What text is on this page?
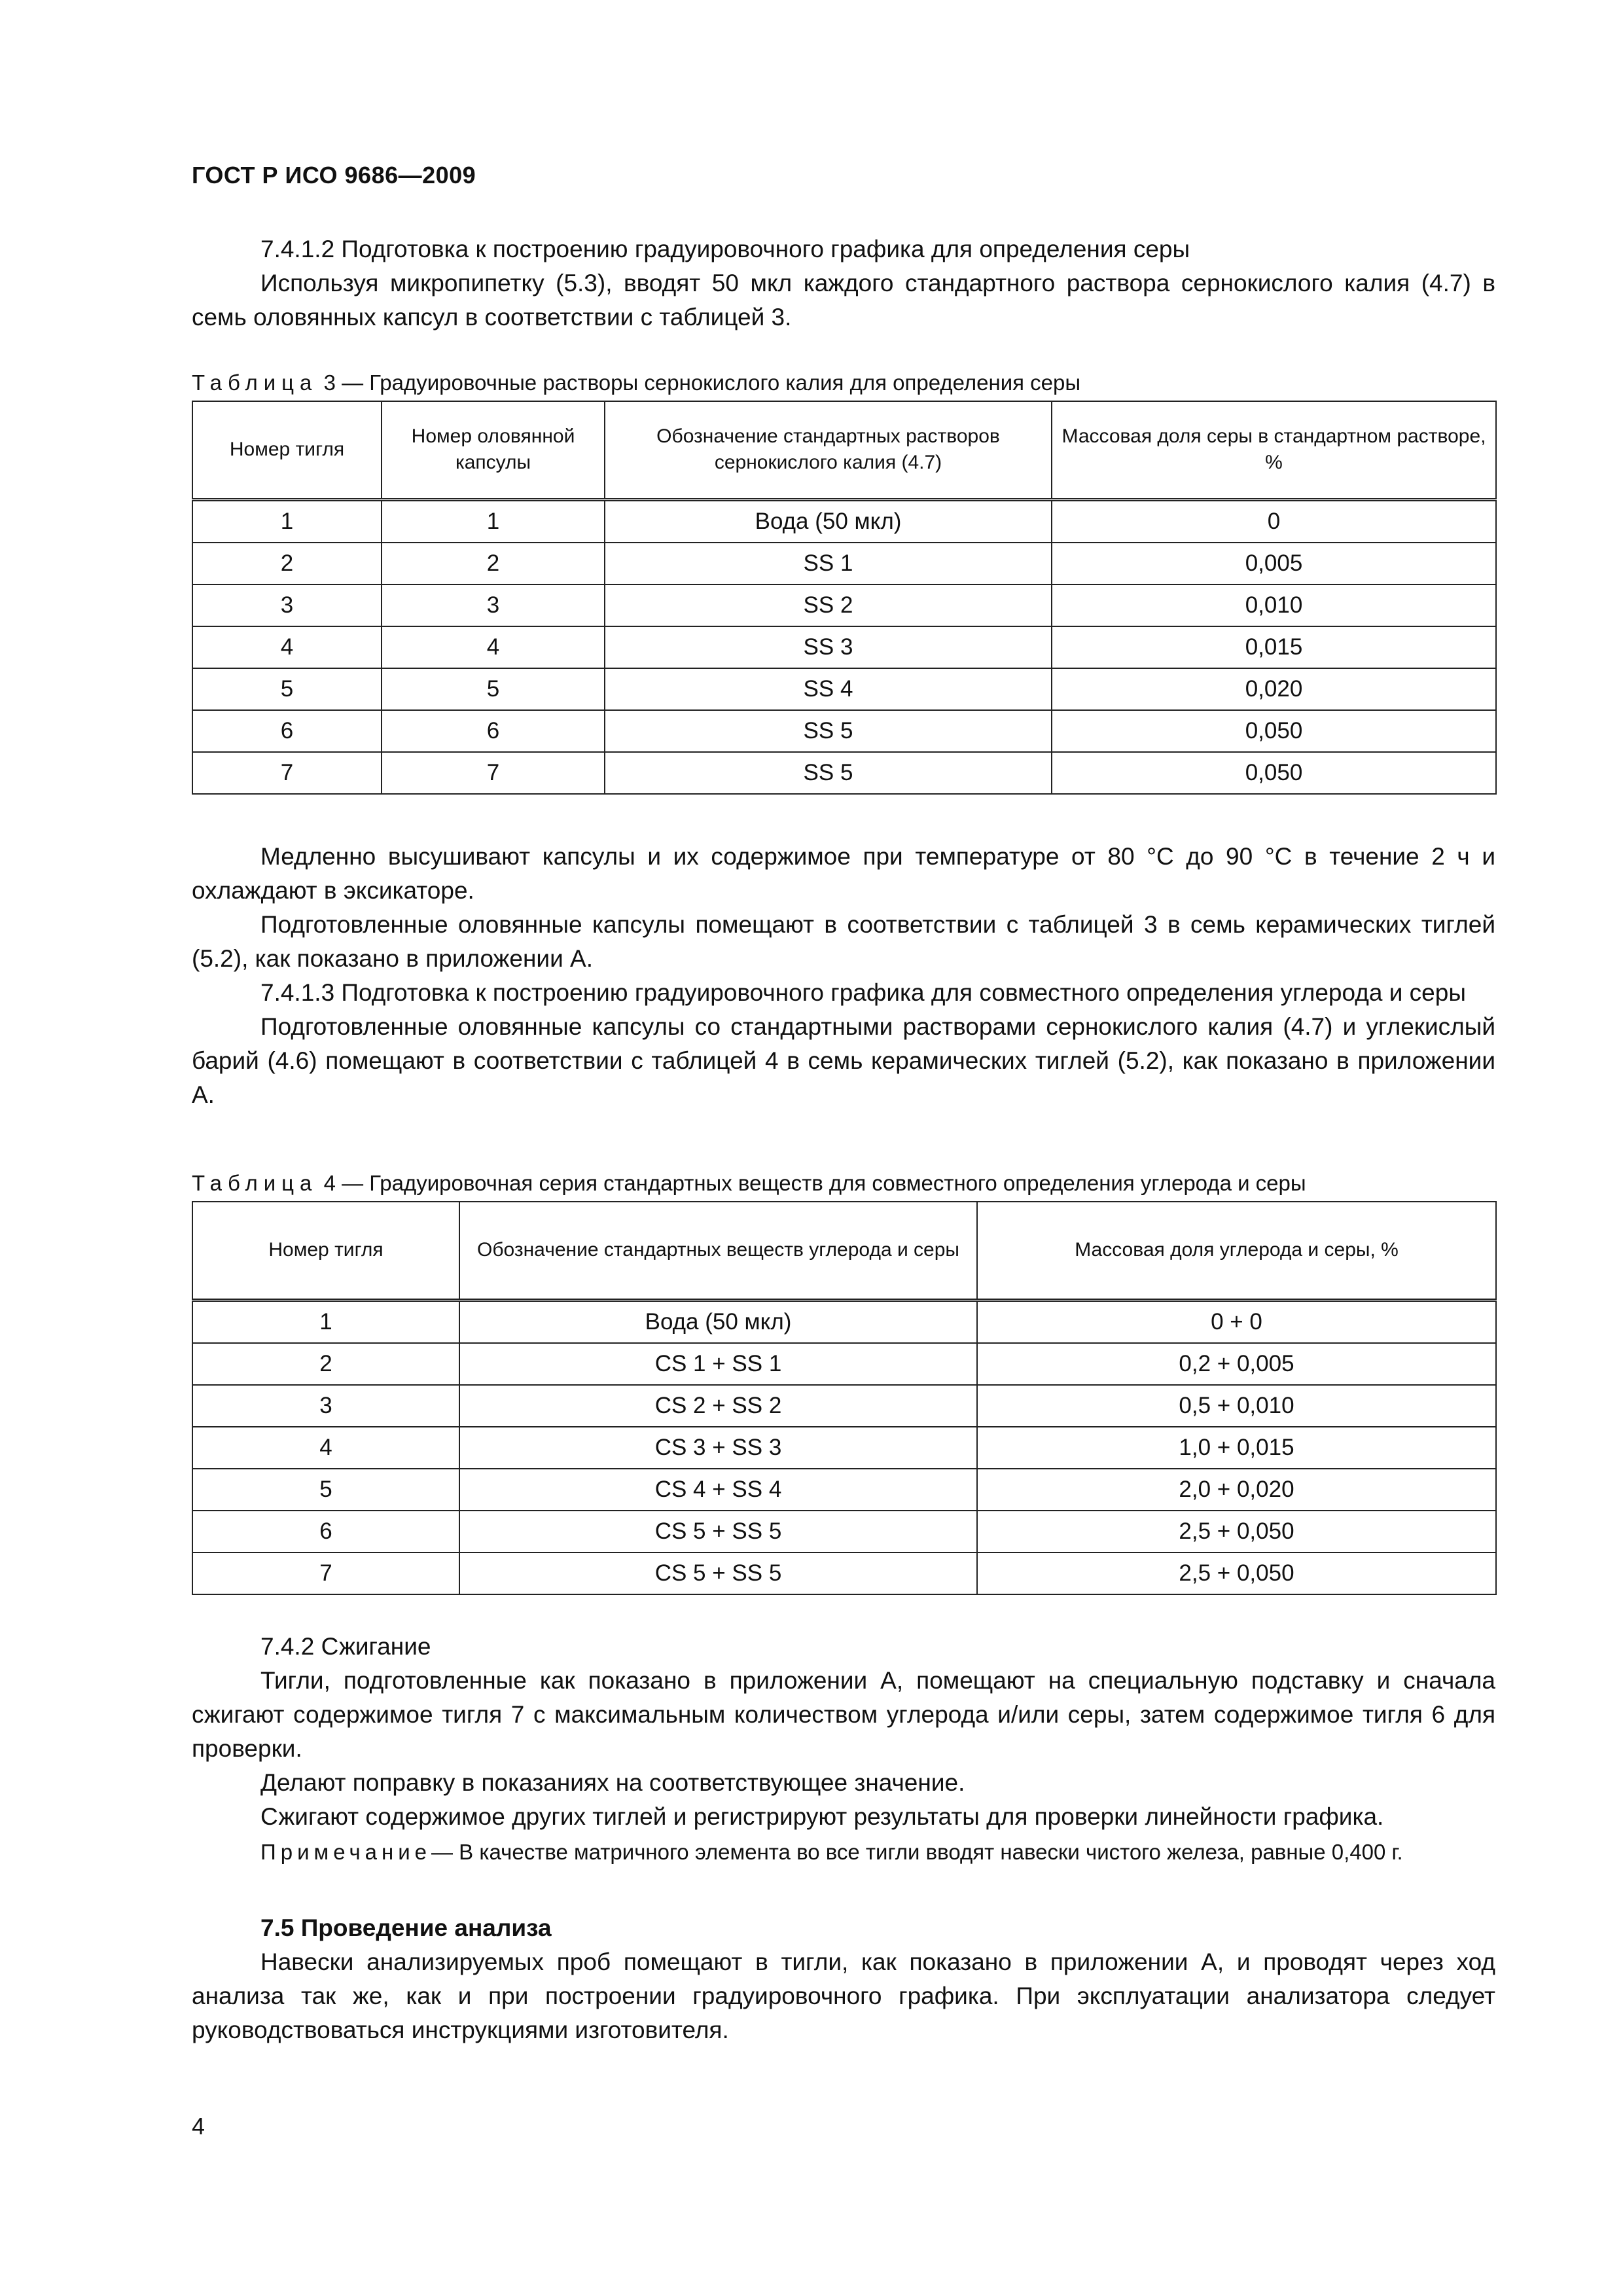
ГОСТ Р ИСО 9686—2009

7.4.1.2 Подготовка к построению градуировочного графика для определения серы

Используя микропипетку (5.3), вводят 50 мкл каждого стандартного раствора сернокислого калия (4.7) в семь оловянных капсул в соответствии с таблицей 3.

Таблица 3 — Градуировочные растворы сернокислого калия для определения серы
Номер тигля	Номер оловянной капсулы	Обозначение стандартных растворов сернокислого калия (4.7)	Массовая доля серы в стандартном растворе, %
1	1	Вода (50 мкл)	0
2	2	SS 1	0,005
3	3	SS 2	0,010
4	4	SS 3	0,015
5	5	SS 4	0,020
6	6	SS 5	0,050
7	7	SS 5	0,050

Медленно высушивают капсулы и их содержимое при температуре от 80 °С до 90 °С в течение 2 ч и охлаждают в эксикаторе.

Подготовленные оловянные капсулы помещают в соответствии с таблицей 3 в семь керамических тиглей (5.2), как показано в приложении А.

7.4.1.3 Подготовка к построению градуировочного графика для совместного определения углерода и серы

Подготовленные оловянные капсулы со стандартными растворами сернокислого калия (4.7) и углекислый барий (4.6) помещают в соответствии с таблицей 4 в семь керамических тиглей (5.2), как показано в приложении А.

Таблица 4 — Градуировочная серия стандартных веществ для совместного определения углерода и серы
Номер тигля	Обозначение стандартных веществ углерода и серы	Массовая доля углерода и серы, %
1	Вода (50 мкл)	0 + 0
2	CS 1 + SS 1	0,2 + 0,005
3	CS 2 + SS 2	0,5 + 0,010
4	CS 3 + SS 3	1,0 + 0,015
5	CS 4 + SS 4	2,0 + 0,020
6	CS 5 + SS 5	2,5 + 0,050
7	CS 5 + SS 5	2,5 + 0,050

7.4.2 Сжигание

Тигли, подготовленные как показано в приложении А, помещают на специальную подставку и сначала сжигают содержимое тигля 7 с максимальным количеством углерода и/или серы, затем содержимое тигля 6 для проверки.

Делают поправку в показаниях на соответствующее значение.

Сжигают содержимое других тиглей и регистрируют результаты для проверки линейности графика.

Примечание— В качестве матричного элемента во все тигли вводят навески чистого железа, равные 0,400 г.

7.5 Проведение анализа

Навески анализируемых проб помещают в тигли, как показано в приложении А, и проводят через ход анализа так же, как и при построении градуировочного графика. При эксплуатации анализатора следует руководствоваться инструкциями изготовителя.

4
